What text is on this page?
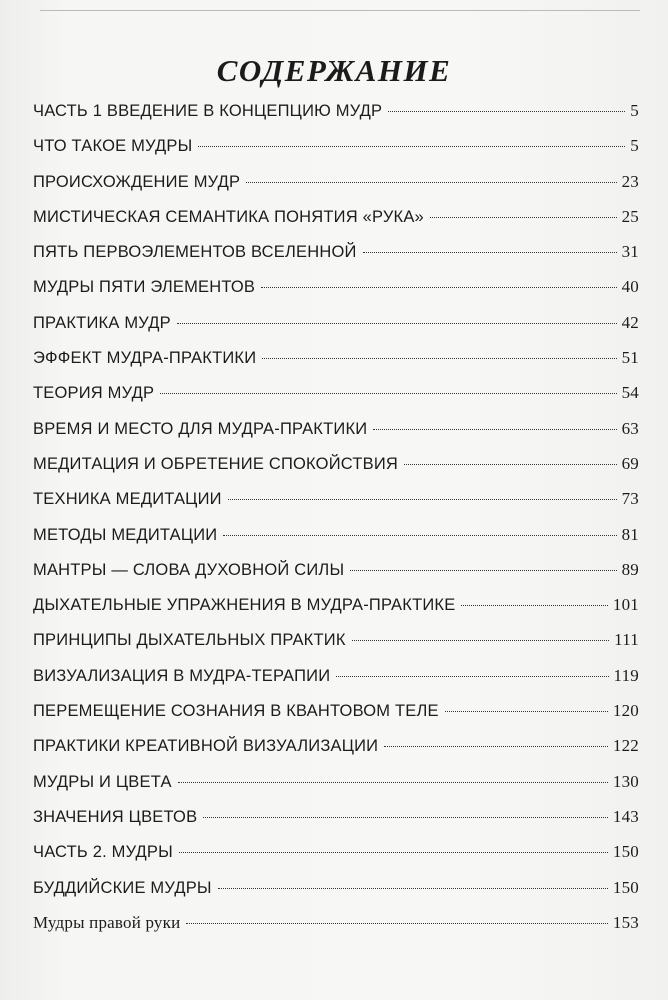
СОДЕРЖАНИЕ
ЧАСТЬ 1 ВВЕДЕНИЕ В КОНЦЕПЦИЮ МУДР	5
ЧТО ТАКОЕ МУДРЫ	5
ПРОИСХОЖДЕНИЕ МУДР	23
МИСТИЧЕСКАЯ СЕМАНТИКА ПОНЯТИЯ «РУКА»	25
ПЯТЬ ПЕРВОЭЛЕМЕНТОВ ВСЕЛЕННОЙ	31
МУДРЫ ПЯТИ ЭЛЕМЕНТОВ	40
ПРАКТИКА МУДР	42
ЭФФЕКТ МУДРА-ПРАКТИКИ	51
ТЕОРИЯ МУДР	54
ВРЕМЯ И МЕСТО ДЛЯ МУДРА-ПРАКТИКИ	63
МЕДИТАЦИЯ И ОБРЕТЕНИЕ СПОКОЙСТВИЯ	69
ТЕХНИКА МЕДИТАЦИИ	73
МЕТОДЫ МЕДИТАЦИИ	81
МАНТРЫ — СЛОВА ДУХОВНОЙ СИЛЫ	89
ДЫХАТЕЛЬНЫЕ УПРАЖНЕНИЯ В МУДРА-ПРАКТИКЕ	101
ПРИНЦИПЫ ДЫХАТЕЛЬНЫХ ПРАКТИК	111
ВИЗУАЛИЗАЦИЯ В МУДРА-ТЕРАПИИ	119
ПЕРЕМЕЩЕНИЕ СОЗНАНИЯ В КВАНТОВОМ ТЕЛЕ	120
ПРАКТИКИ КРЕАТИВНОЙ ВИЗУАЛИЗАЦИИ	122
МУДРЫ И ЦВЕТА	130
ЗНАЧЕНИЯ ЦВЕТОВ	143
ЧАСТЬ 2. МУДРЫ	150
БУДДИЙСКИЕ МУДРЫ	150
Мудры правой руки	153
